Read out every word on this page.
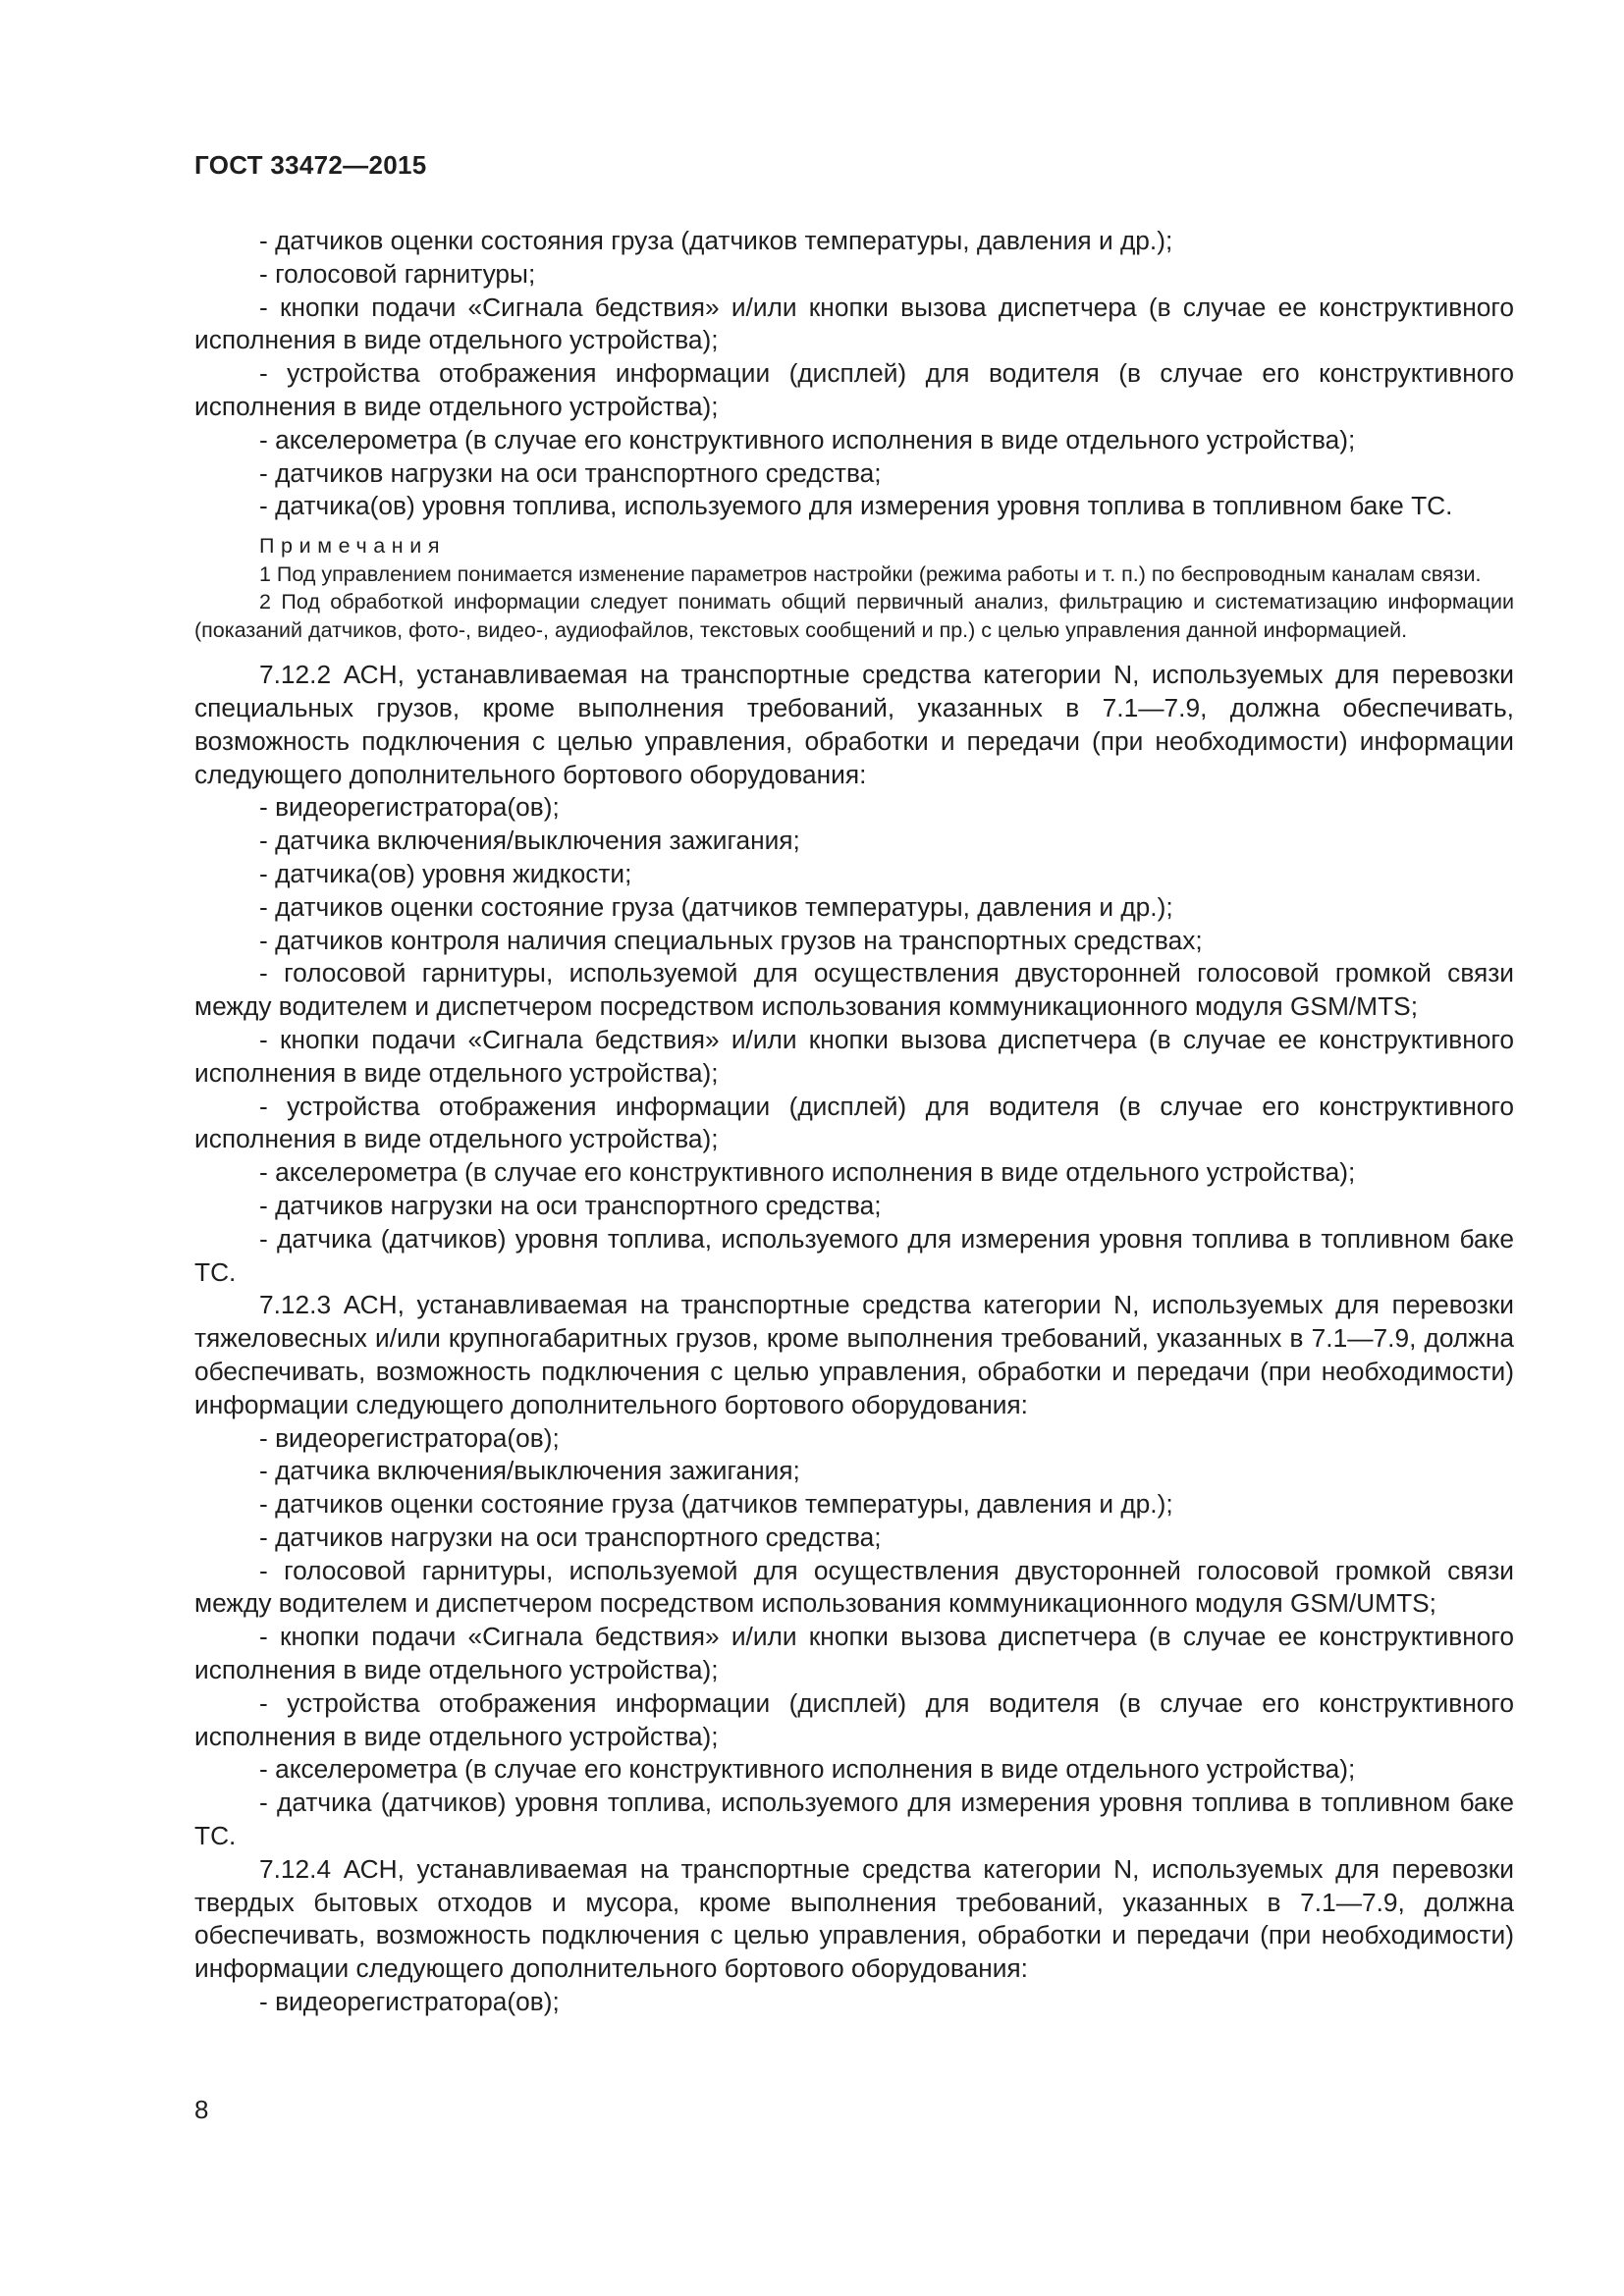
ГОСТ 33472—2015

- датчиков оценки состояния груза (датчиков температуры, давления и др.);

- голосовой гарнитуры;

- кнопки подачи «Сигнала бедствия» и/или кнопки вызова диспетчера (в случае ее конструктивного исполнения в виде отдельного устройства);

- устройства отображения информации (дисплей) для водителя (в случае его конструктивного исполнения в виде отдельного устройства);

- акселерометра (в случае его конструктивного исполнения в виде отдельного устройства);

- датчиков нагрузки на оси транспортного средства;

- датчика(ов) уровня топлива, используемого для измерения уровня топлива в топливном баке ТС.

Примечания

1 Под управлением понимается изменение параметров настройки (режима работы и т. п.) по беспроводным каналам связи.

2 Под обработкой информации следует понимать общий первичный анализ, фильтрацию и систематизацию информации (показаний датчиков, фото-, видео-, аудиофайлов, текстовых сообщений и пр.) с целью управления данной информацией.

7.12.2 АСН, устанавливаемая на транспортные средства категории N, используемых для перевозки специальных грузов, кроме выполнения требований, указанных в 7.1—7.9, должна обеспечивать, возможность подключения с целью управления, обработки и передачи (при необходимости) информации следующего дополнительного бортового оборудования:

- видеорегистратора(ов);

- датчика включения/выключения зажигания;

- датчика(ов) уровня жидкости;

- датчиков оценки состояние груза (датчиков температуры, давления и др.);

- датчиков контроля наличия специальных грузов на транспортных средствах;

- голосовой гарнитуры, используемой для осуществления двусторонней голосовой громкой связи между водителем и диспетчером посредством использования коммуникационного модуля GSM/MTS;

- кнопки подачи «Сигнала бедствия» и/или кнопки вызова диспетчера (в случае ее конструктивного исполнения в виде отдельного устройства);

- устройства отображения информации (дисплей) для водителя (в случае его конструктивного исполнения в виде отдельного устройства);

- акселерометра (в случае его конструктивного исполнения в виде отдельного устройства);

- датчиков нагрузки на оси транспортного средства;

- датчика (датчиков) уровня топлива, используемого для измерения уровня топлива в топливном баке ТС.

7.12.3 АСН, устанавливаемая на транспортные средства категории N, используемых для перевозки тяжеловесных и/или крупногабаритных грузов, кроме выполнения требований, указанных в 7.1—7.9, должна обеспечивать, возможность подключения с целью управления, обработки и передачи (при необходимости) информации следующего дополнительного бортового оборудования:

- видеорегистратора(ов);

- датчика включения/выключения зажигания;

- датчиков оценки состояние груза (датчиков температуры, давления и др.);

- датчиков нагрузки на оси транспортного средства;

- голосовой гарнитуры, используемой для осуществления двусторонней голосовой громкой связи между водителем и диспетчером посредством использования коммуникационного модуля GSM/UMTS;

- кнопки подачи «Сигнала бедствия» и/или кнопки вызова диспетчера (в случае ее конструктивного исполнения в виде отдельного устройства);

- устройства отображения информации (дисплей) для водителя (в случае его конструктивного исполнения в виде отдельного устройства);

- акселерометра (в случае его конструктивного исполнения в виде отдельного устройства);

- датчика (датчиков) уровня топлива, используемого для измерения уровня топлива в топливном баке ТС.

7.12.4 АСН, устанавливаемая на транспортные средства категории N, используемых для перевозки твердых бытовых отходов и мусора, кроме выполнения требований, указанных в 7.1—7.9, должна обеспечивать, возможность подключения с целью управления, обработки и передачи (при необходимости) информации следующего дополнительного бортового оборудования:

- видеорегистратора(ов);

8
